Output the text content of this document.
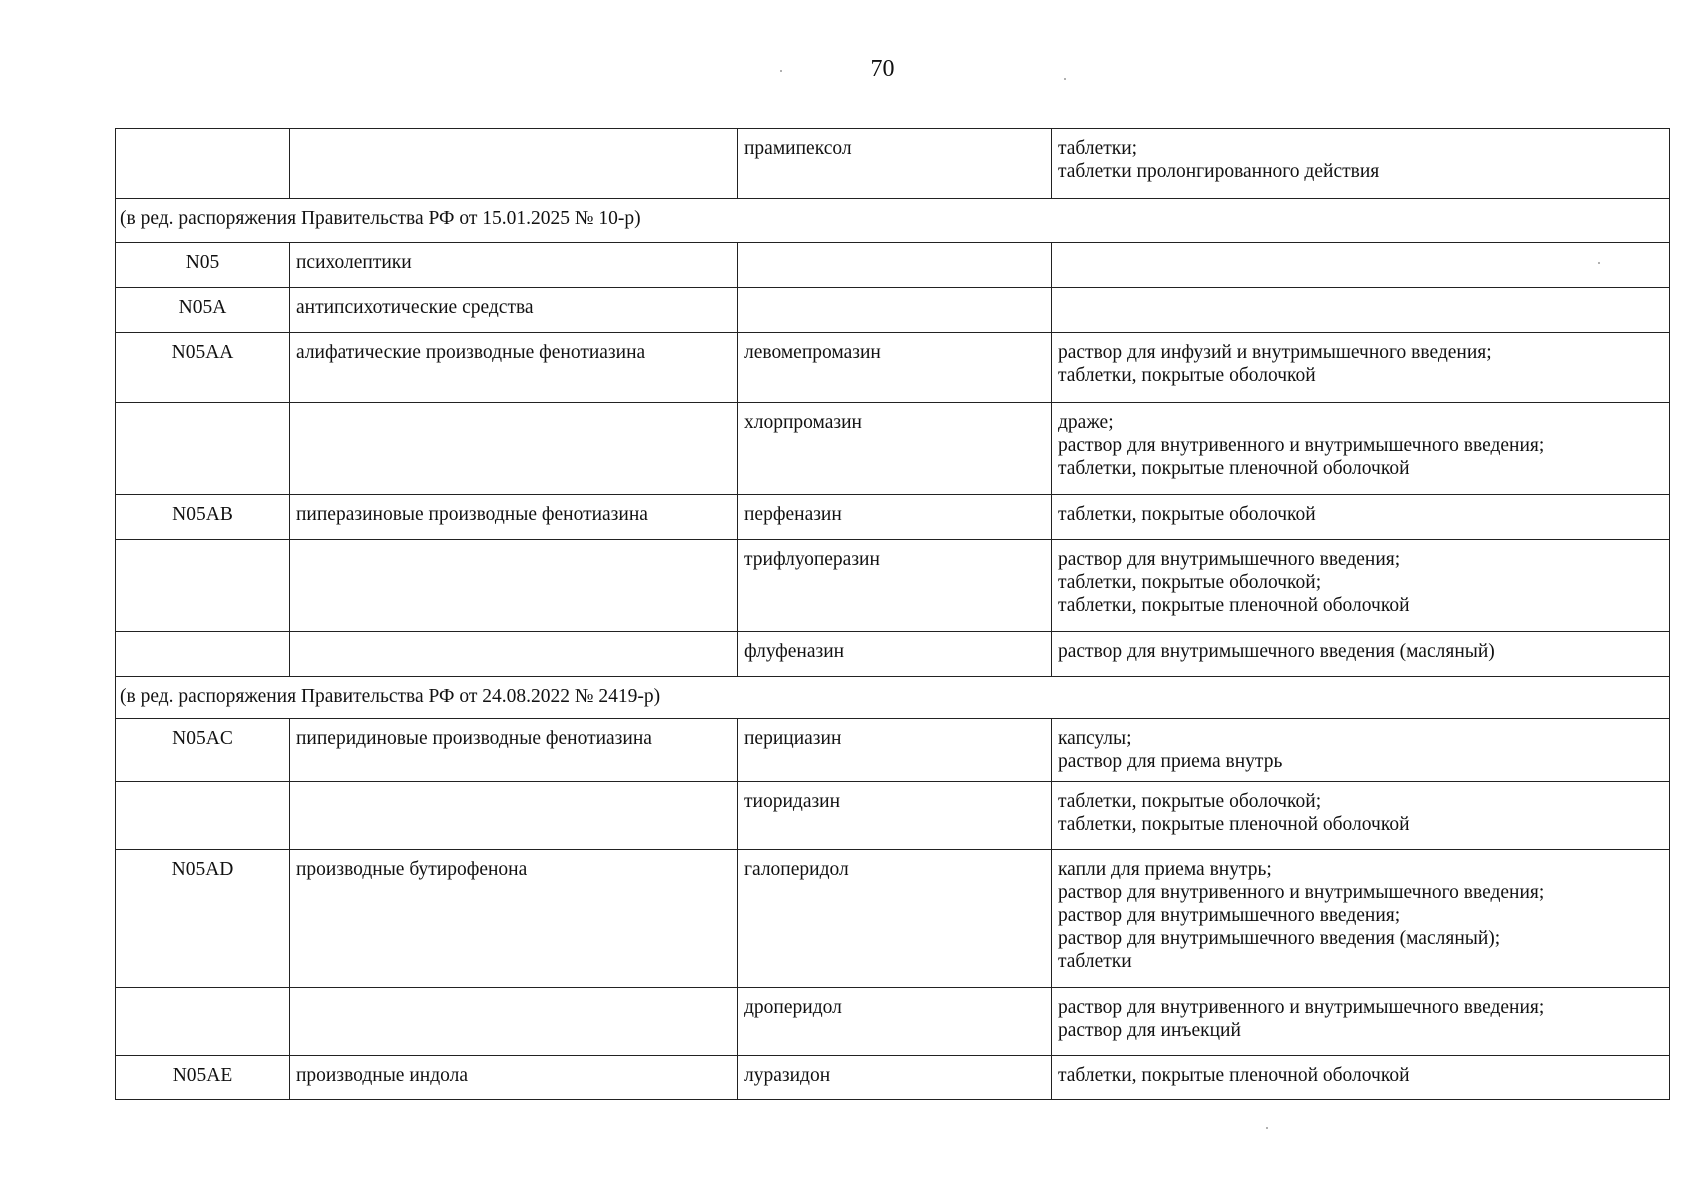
70
		прамипексол	таблетки;
таблетки пролонгированного действия

(в ред. распоряжения Правительства РФ от 15.01.2025 № 10-р)			
N05	психолептики		
N05A	антипсихотические средства		
N05AA	алифатические производные фенотиазина	левомепромазин	раствор для инфузий и внутримышечного введения;
таблетки, покрытые оболочкой

		хлорпромазин	драже;
раствор для внутривенного и внутримышечного введения;
таблетки, покрытые пленочной оболочкой

N05AB	пиперазиновые производные фенотиазина	перфеназин	таблетки, покрытые оболочкой

		трифлуоперазин	раствор для внутримышечного введения;
таблетки, покрытые оболочкой;
таблетки, покрытые пленочной оболочкой

		флуфеназин	раствор для внутримышечного введения (масляный)

(в ред. распоряжения Правительства РФ от 24.08.2022 № 2419-р)			
N05AC	пиперидиновые производные фенотиазина	перициазин	капсулы;
раствор для приема внутрь

		тиоридазин	таблетки, покрытые оболочкой;
таблетки, покрытые пленочной оболочкой

N05AD	производные бутирофенона	галоперидол	капли для приема внутрь;
раствор для внутривенного и внутримышечного введения;
раствор для внутримышечного введения;
раствор для внутримышечного введения (масляный);
таблетки

		дроперидол	раствор для внутривенного и внутримышечного введения;
раствор для инъекций

N05AE	производные индола	луразидон	таблетки, покрытые пленочной оболочкой
